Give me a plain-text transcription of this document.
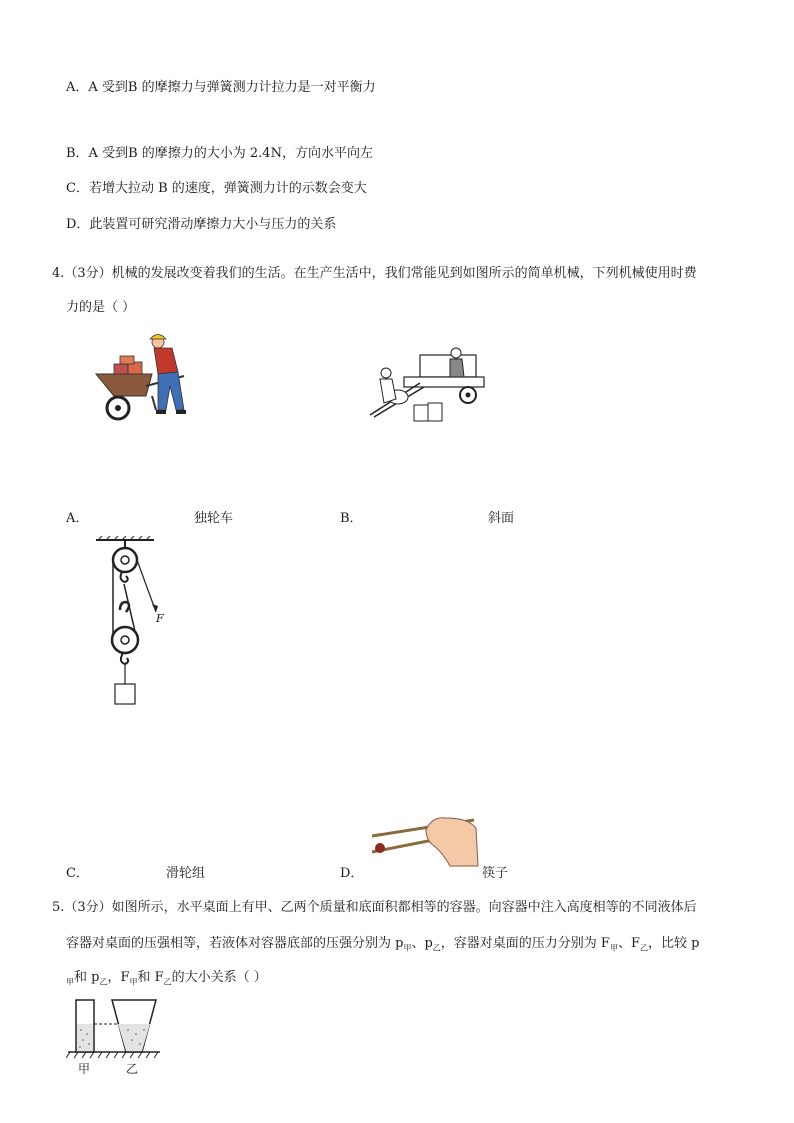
A．A 受到B 的摩擦力与弹簧测力计拉力是一对平衡力
B．A 受到B 的摩擦力的大小为 2.4N，方向水平向左
C．若增大拉动 B 的速度，弹簧测力计的示数会变大
D．此装置可研究滑动摩擦力大小与压力的关系
4.（3分）机械的发展改变着我们的生活。在生产生活中，我们常能见到如图所示的简单机械，下列机械使用时费
力的是（ ）
A．	独轮车	B．	斜面
F
C．	滑轮组	D．	筷子
5.（3分）如图所示，水平桌面上有甲、乙两个质量和底面积都相等的容器。向容器中注入高度相等的不同液体后
容器对桌面的压强相等，若液体对容器底部的压强分别为 $p_甲$、$p_乙$，容器对桌面的压力分别为 $F_甲$、$F_乙$，比较 p
$_甲$和 $p_乙$，$F_甲$和 $F_乙$的大小关系（ ）
甲	乙
